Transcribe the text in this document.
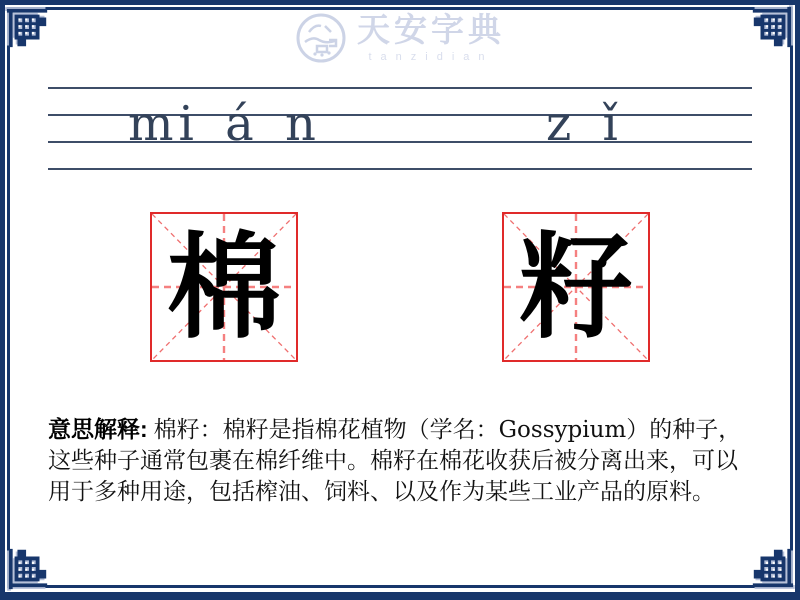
天安字典
tanzidian
mi á n	z ǐ
棉 籽
意思解释: 棉籽：棉籽是指棉花植物（学名：Gossypium）的种子，这些种子通常包裹在棉纤维中。棉籽在棉花收获后被分离出来，可以用于多种用途，包括榨油、饲料、以及作为某些工业产品的原料。
